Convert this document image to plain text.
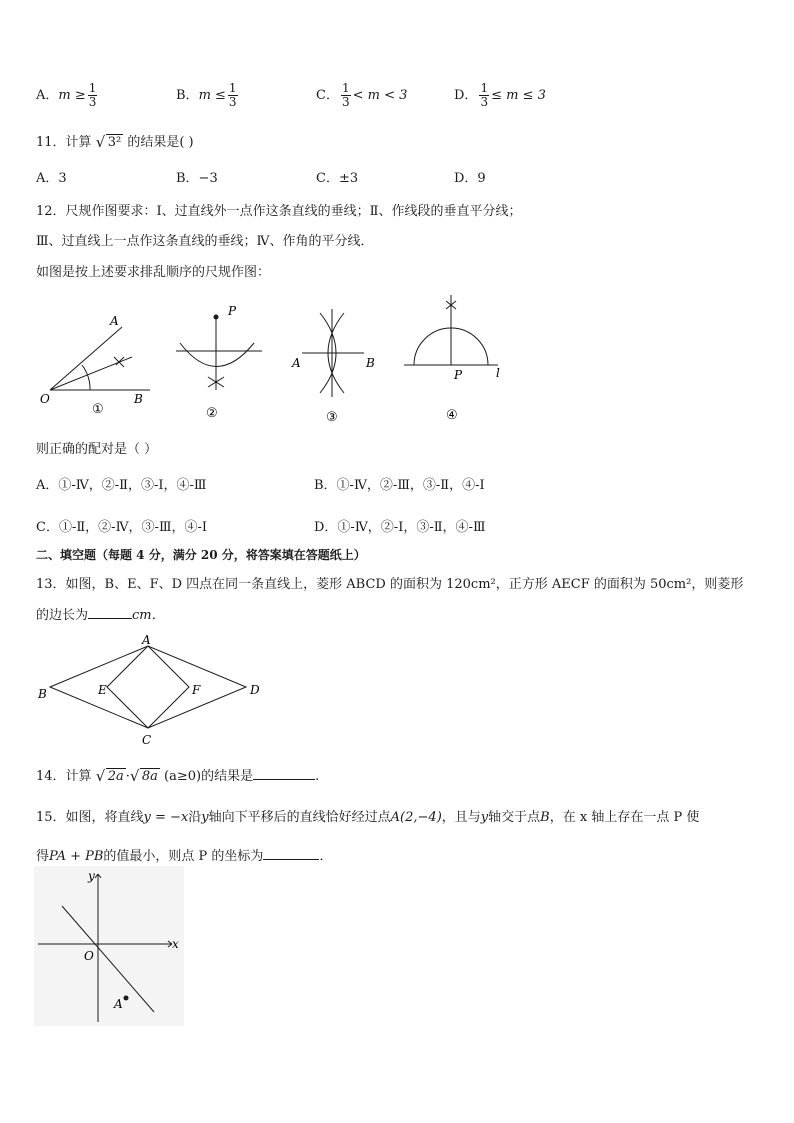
A．$m \ge \frac{1}{3}$	B．$m \le \frac{1}{3}$	C． $\frac{1}{3} < m < 3$	D． $\frac{1}{3} \le m \le 3$
11．计算 √ 3² 的结果是( )
A．3	B．−3	C．±3	D．9
12．尺规作图要求：Ⅰ、过直线外一点作这条直线的垂线；Ⅱ、作线段的垂直平分线；
Ⅲ、过直线上一点作这条直线的垂线；Ⅳ、作角的平分线．
如图是按上述要求排乱顺序的尺规作图：
A
O	B
①
P
②
A	B
③
P	l
④
则正确的配对是（ ）
A．①-Ⅳ，②-Ⅱ，③-Ⅰ，④-Ⅲ	B．①-Ⅳ，②-Ⅲ，③-Ⅱ，④-Ⅰ
C．①-Ⅱ，②-Ⅳ，③-Ⅲ，④-Ⅰ	D．①-Ⅳ，②-Ⅰ，③-Ⅱ，④-Ⅲ
二、填空题（每题 4 分，满分 20 分，将答案填在答题纸上）
13．如图，B、E、F、D 四点在同一条直线上，菱形 ABCD 的面积为 120cm²，正方形 AECF 的面积为 50cm²，则菱形
的边长为	cm．
A
B
C
D
E	F
14．计算 √ 2a · √ 8a (a≥0)的结果是	.
15．如图，将直线y = −x沿y轴向下平移后的直线恰好经过点A(2,−4)，且与y轴交于点B，在 x 轴上存在一点 P 使
得PA + PB的值最小，则点 P 的坐标为	．
y
x
O
A
